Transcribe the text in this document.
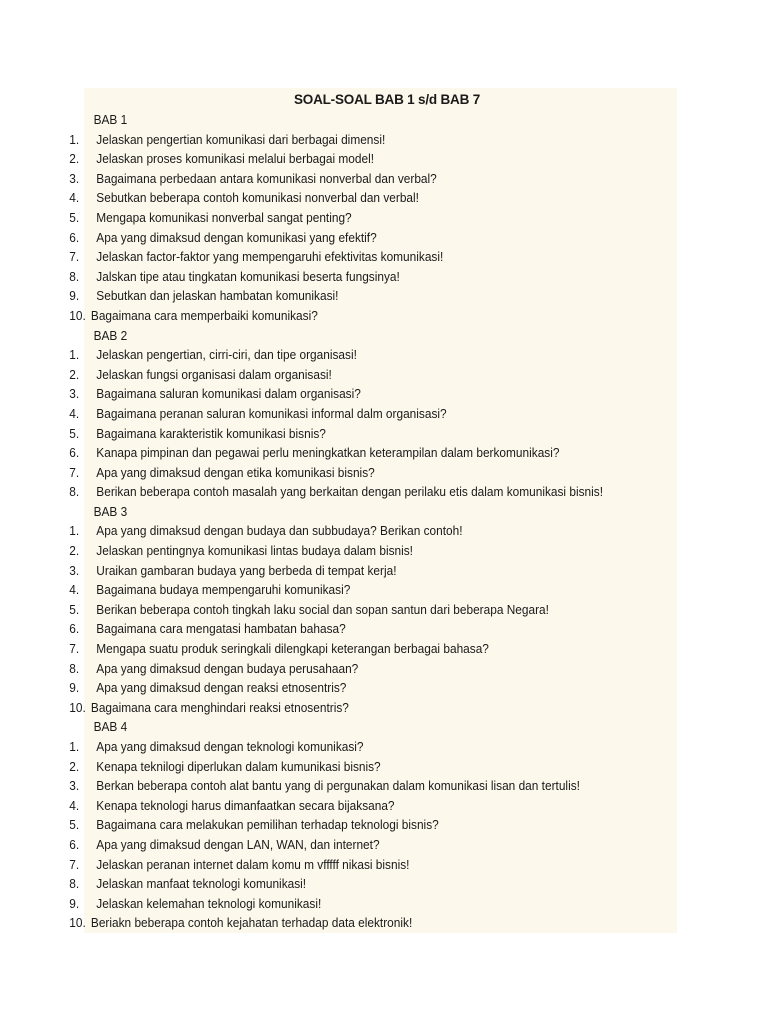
SOAL-SOAL BAB 1 s/d BAB 7
BAB 1
1. Jelaskan pengertian komunikasi dari berbagai dimensi!
2. Jelaskan proses komunikasi melalui berbagai model!
3. Bagaimana perbedaan antara komunikasi nonverbal dan verbal?
4. Sebutkan beberapa contoh komunikasi nonverbal dan verbal!
5. Mengapa komunikasi nonverbal sangat penting?
6. Apa yang dimaksud dengan komunikasi yang efektif?
7. Jelaskan factor-faktor yang mempengaruhi efektivitas komunikasi!
8. Jalskan tipe atau tingkatan komunikasi beserta fungsinya!
9. Sebutkan dan jelaskan hambatan komunikasi!
10. Bagaimana cara memperbaiki komunikasi?
BAB 2
1. Jelaskan pengertian, cirri-ciri, dan tipe organisasi!
2. Jelaskan fungsi organisasi dalam organisasi!
3. Bagaimana saluran komunikasi dalam organisasi?
4. Bagaimana peranan saluran komunikasi informal dalm organisasi?
5. Bagaimana karakteristik komunikasi bisnis?
6. Kanapa pimpinan dan pegawai perlu meningkatkan keterampilan dalam berkomunikasi?
7. Apa yang dimaksud dengan etika komunikasi bisnis?
8. Berikan beberapa contoh masalah yang berkaitan dengan perilaku etis dalam komunikasi bisnis!
BAB 3
1. Apa yang dimaksud dengan budaya dan subbudaya? Berikan contoh!
2. Jelaskan pentingnya komunikasi lintas budaya dalam bisnis!
3. Uraikan gambaran budaya yang berbeda di tempat kerja!
4. Bagaimana budaya mempengaruhi komunikasi?
5. Berikan beberapa contoh tingkah laku social dan sopan santun dari beberapa Negara!
6. Bagaimana cara mengatasi hambatan bahasa?
7. Mengapa suatu produk seringkali dilengkapi keterangan berbagai bahasa?
8. Apa yang dimaksud dengan budaya perusahaan?
9. Apa yang dimaksud dengan reaksi etnosentris?
10. Bagaimana cara menghindari reaksi etnosentris?
BAB 4
1. Apa yang dimaksud dengan teknologi komunikasi?
2. Kenapa teknilogi diperlukan dalam kumunikasi bisnis?
3. Berkan beberapa contoh alat bantu yang di pergunakan dalam komunikasi lisan dan tertulis!
4. Kenapa teknologi harus dimanfaatkan secara bijaksana?
5. Bagaimana cara melakukan pemilihan terhadap teknologi bisnis?
6. Apa yang dimaksud dengan LAN, WAN, dan internet?
7. Jelaskan peranan internet dalam komu m vfffff nikasi bisnis!
8. Jelaskan manfaat teknologi komunikasi!
9. Jelaskan kelemahan teknologi komunikasi!
10. Beriakn beberapa contoh kejahatan terhadap data elektronik!
